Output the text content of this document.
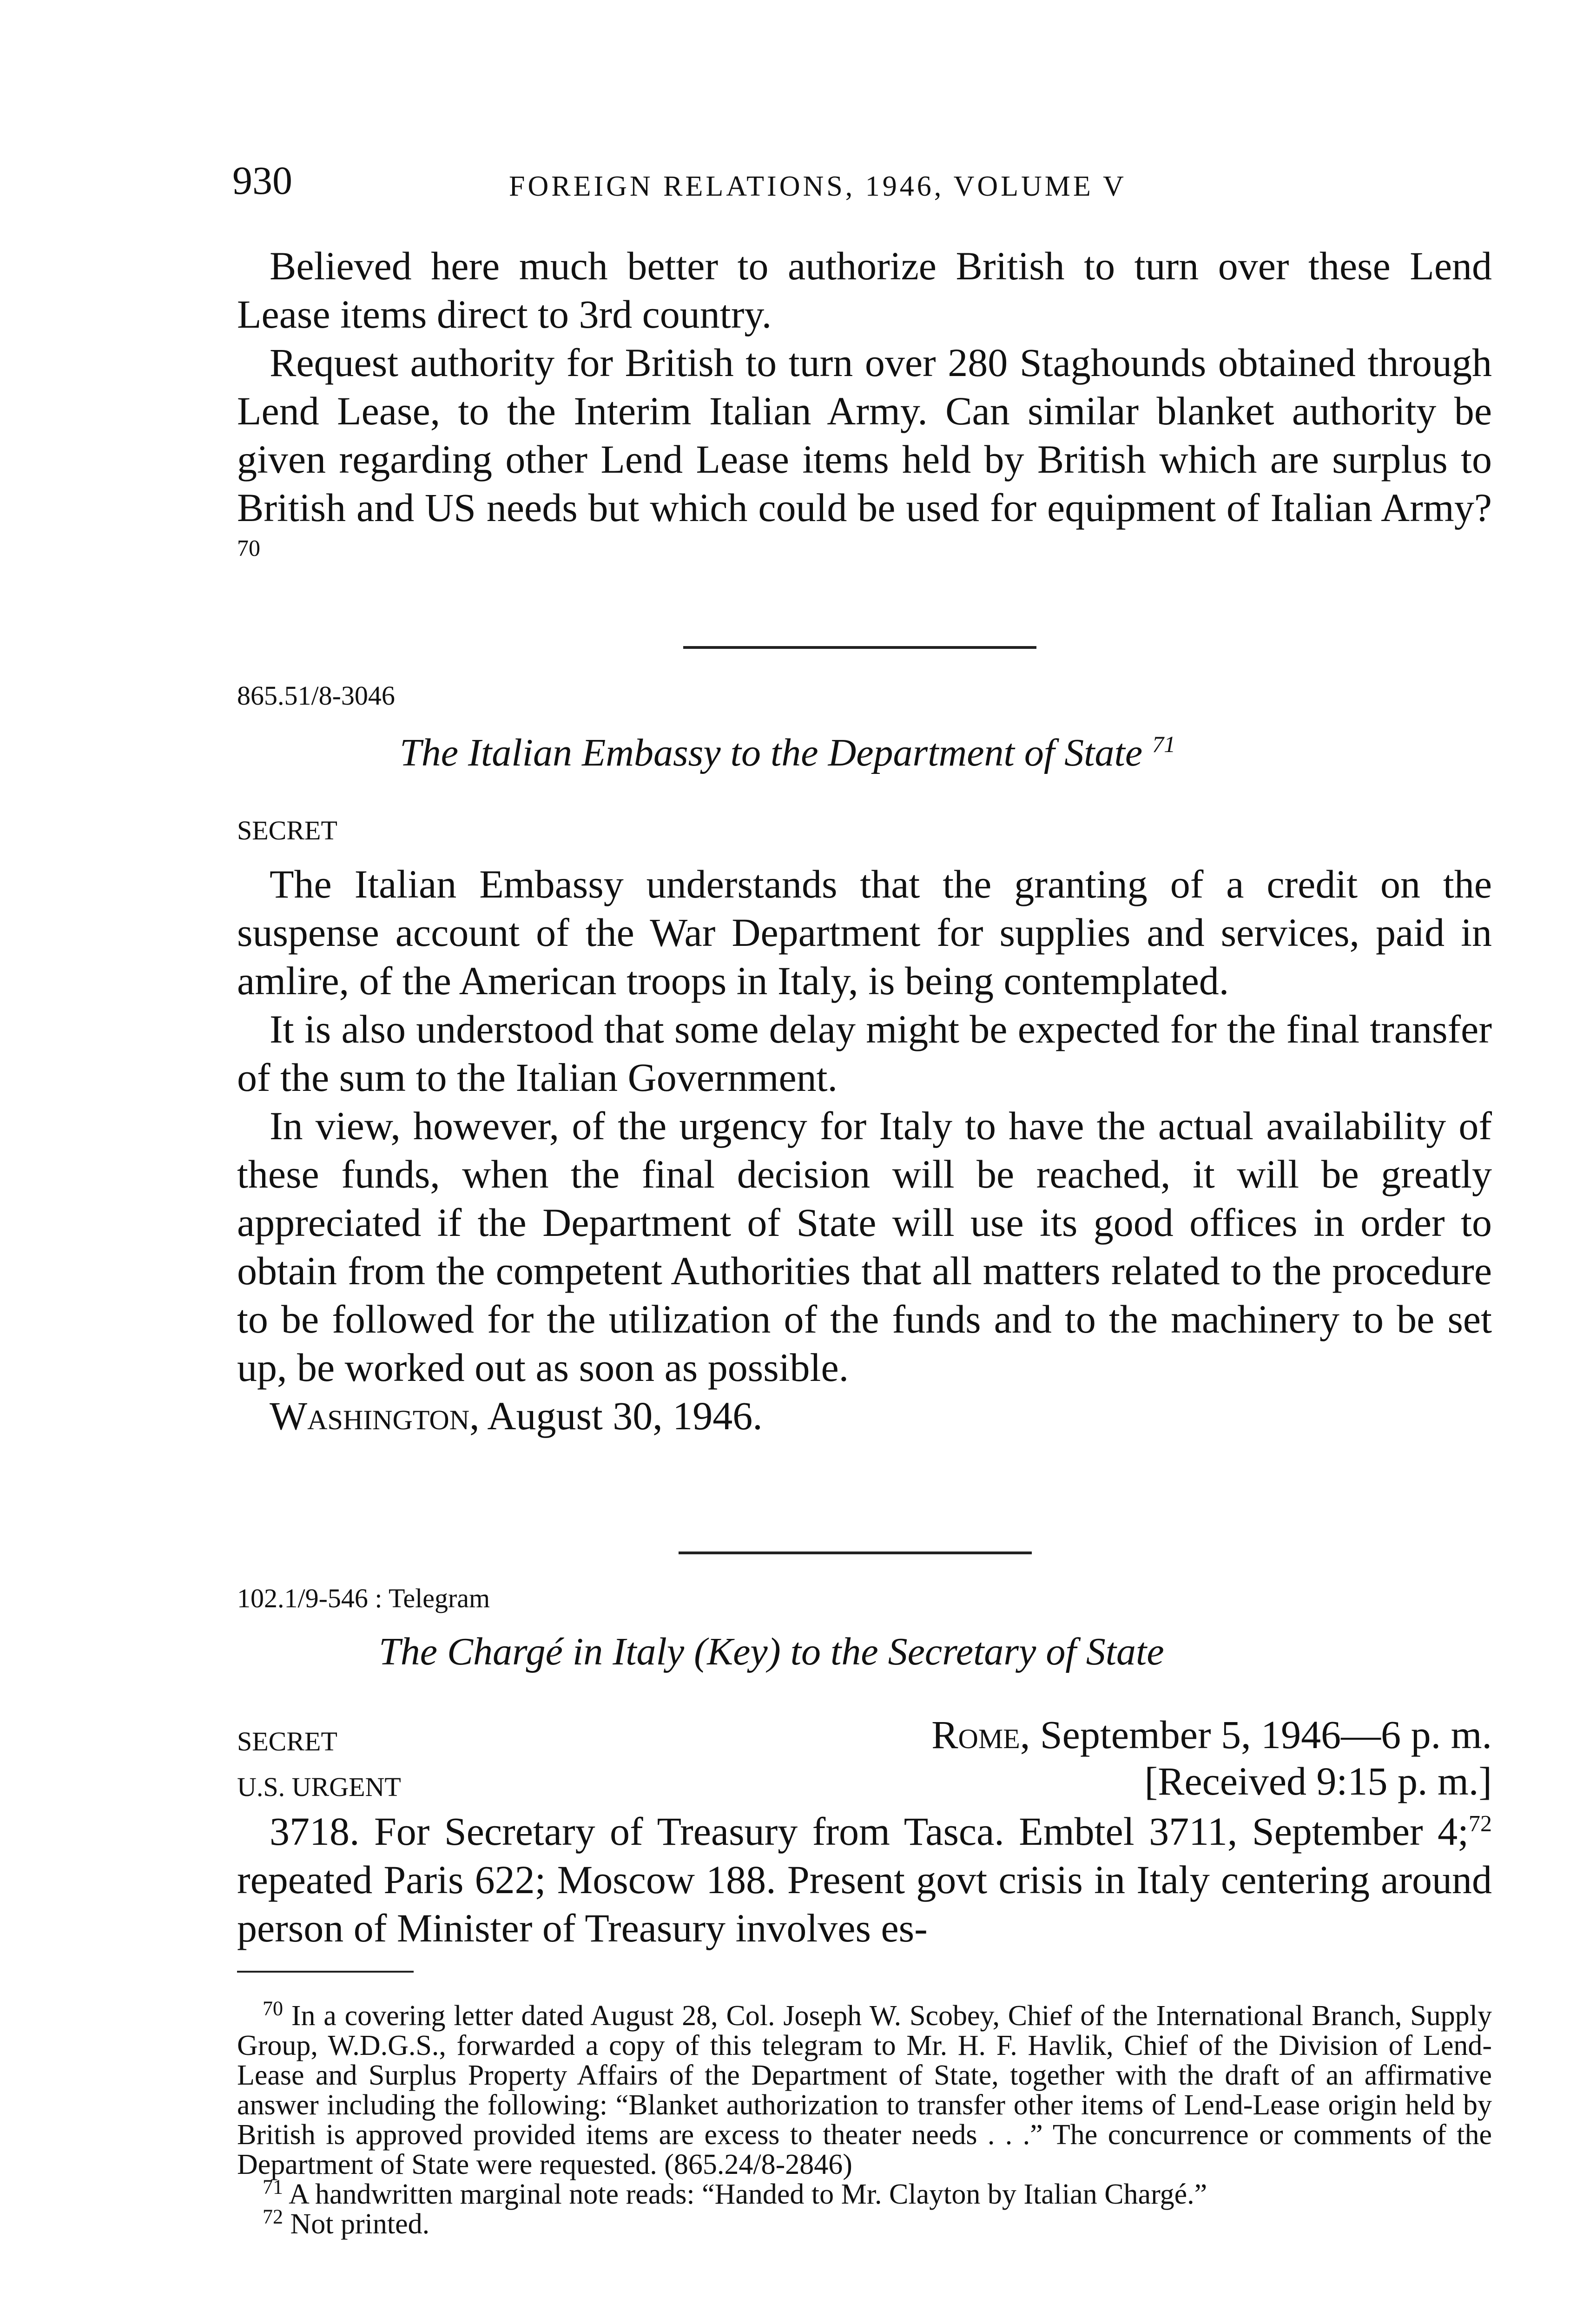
930	FOREIGN RELATIONS, 1946, VOLUME V

Believed here much better to authorize British to turn over these Lend Lease items direct to 3rd country.

Request authority for British to turn over 280 Staghounds obtained through Lend Lease, to the Interim Italian Army. Can similar blanket authority be given regarding other Lend Lease items held by British which are surplus to British and US needs but which could be used for equipment of Italian Army? $^{70}$

865.51/8-3046
The Italian Embassy to the Department of State $^{71}$
SECRET

The Italian Embassy understands that the granting of a credit on the suspense account of the War Department for supplies and services, paid in amlire, of the American troops in Italy, is being contemplated.

It is also understood that some delay might be expected for the final transfer of the sum to the Italian Government.

In view, however, of the urgency for Italy to have the actual availability of these funds, when the final decision will be reached, it will be greatly appreciated if the Department of State will use its good offices in order to obtain from the competent Authorities that all matters related to the procedure to be followed for the utilization of the funds and to the machinery to be set up, be worked out as soon as possible.

Washington, August 30, 1946.

102.1/9-546 : Telegram
The Chargé in Italy (Key) to the Secretary of State
SECRET	Rome, September 5, 1946—6 p. m.
U.S. URGENT	[Received 9:15 p. m.]

3718. For Secretary of Treasury from Tasca. Embtel 3711, September 4;$^{72}$ repeated Paris 622; Moscow 188. Present govt crisis in Italy centering around person of Minister of Treasury involves es-

$^{70}$ In a covering letter dated August 28, Col. Joseph W. Scobey, Chief of the International Branch, Supply Group, W.D.G.S., forwarded a copy of this telegram to Mr. H. F. Havlik, Chief of the Division of Lend-Lease and Surplus Property Affairs of the Department of State, together with the draft of an affirmative answer including the following: “Blanket authorization to transfer other items of Lend-Lease origin held by British is approved provided items are excess to theater needs . . .” The concurrence or comments of the Department of State were requested. (865.24/8-2846)

$^{71}$ A handwritten marginal note reads: “Handed to Mr. Clayton by Italian Chargé.”

$^{72}$ Not printed.
